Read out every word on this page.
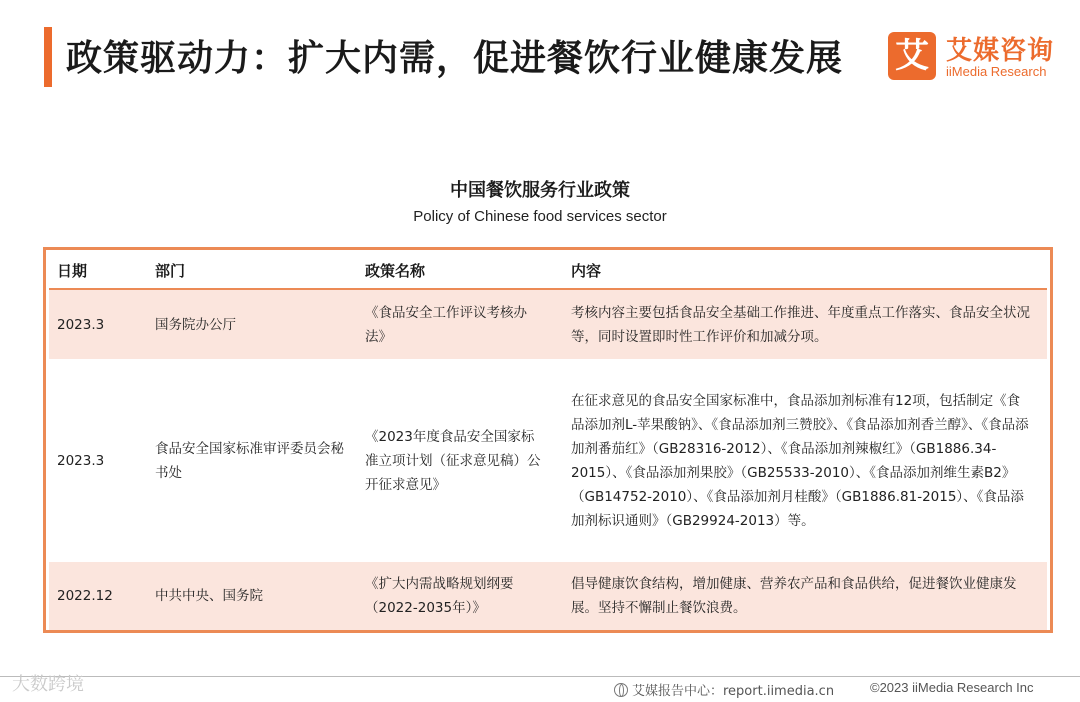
政策驱动力：扩大内需，促进餐饮行业健康发展 艾 艾媒咨询
iiMedia Research
中国餐饮服务行业政策
Policy of Chinese food services sector
日期	部门	政策名称	内容
2023.3	国务院办公厅	《食品安全工作评议考核办法》	考核内容主要包括食品安全基础工作推进、年度重点工作落实、食品安全状况等，同时设置即时性工作评价和加减分项。
2023.3	食品安全国家标准审评委员会秘书处	《2023年度食品安全国家标准立项计划（征求意见稿）公开征求意见》	在征求意见的食品安全国家标准中，食品添加剂标准有12项，包括制定《食品添加剂L-苹果酸钠》、《食品添加剂三赞胶》、《食品添加剂香兰醇》、《食品添加剂番茄红》（GB28316-2012）、《食品添加剂辣椒红》（GB1886.34-2015）、《食品添加剂果胶》（GB25533-2010）、《食品添加剂维生素B2》（GB14752-2010）、《食品添加剂月桂酸》（GB1886.81-2015）、《食品添加剂标识通则》（GB29924-2013）等。
2022.12	中共中央、国务院	《扩大内需战略规划纲要（2022-2035年）》	倡导健康饮食结构，增加健康、营养农产品和食品供给，促进餐饮业健康发展。坚持不懈制止餐饮浪费。
大数跨境	艾媒报告中心：report.iimedia.cn	©2023 iiMedia Research Inc
